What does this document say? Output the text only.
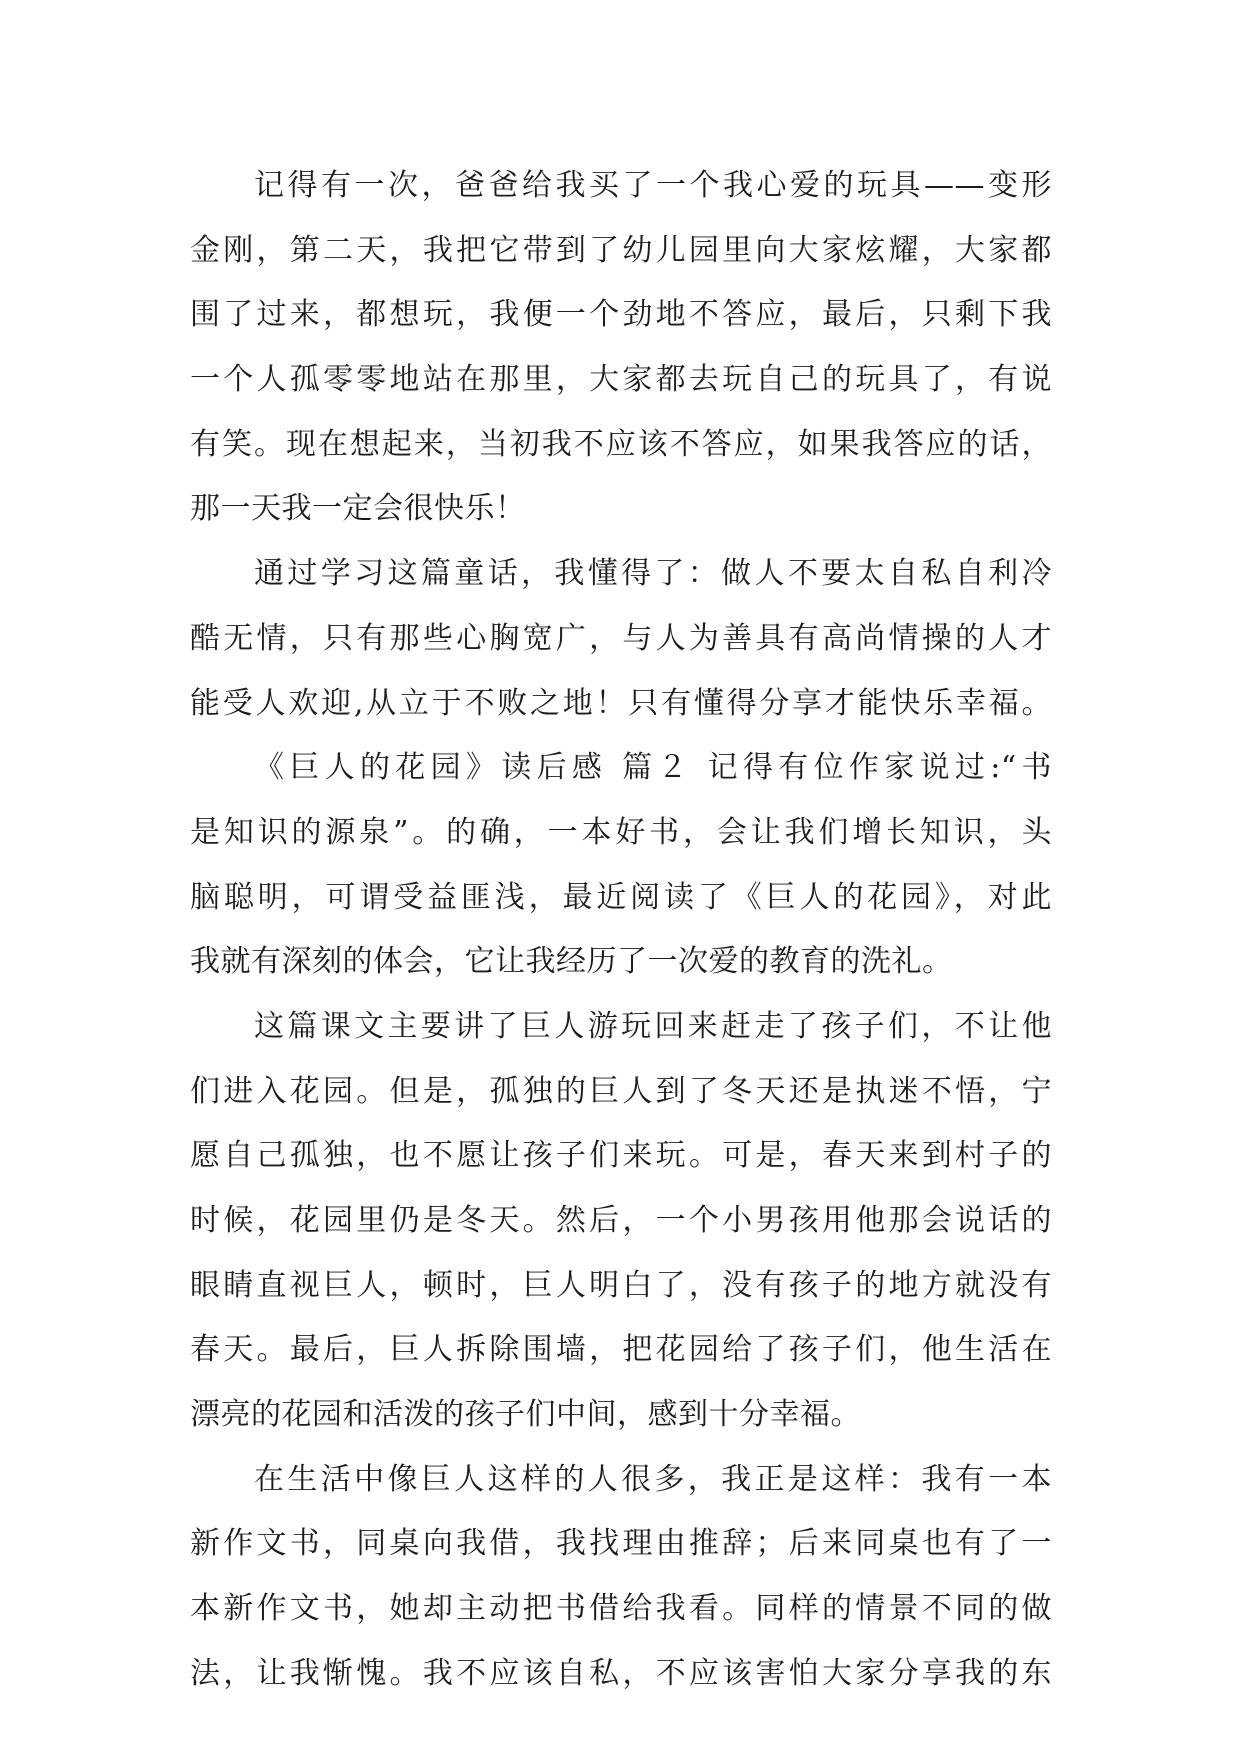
记得有一次，爸爸给我买了一个我心爱的玩具——变形
金刚，第二天，我把它带到了幼儿园里向大家炫耀，大家都
围了过来，都想玩，我便一个劲地不答应，最后，只剩下我
一个人孤零零地站在那里，大家都去玩自己的玩具了，有说
有笑。现在想起来，当初我不应该不答应，如果我答应的话，
那一天我一定会很快乐！
通过学习这篇童话，我懂得了：做人不要太自私自利冷
酷无情，只有那些心胸宽广，与人为善具有高尚情操的人才
能受人欢迎,从立于不败之地！只有懂得分享才能快乐幸福。
《巨人的花园》读后感 篇２ 记得有位作家说过:“书
是知识的源泉”。的确，一本好书，会让我们增长知识，头
脑聪明，可谓受益匪浅，最近阅读了《巨人的花园》，对此
我就有深刻的体会，它让我经历了一次爱的教育的洗礼。
这篇课文主要讲了巨人游玩回来赶走了孩子们，不让他
们进入花园。但是，孤独的巨人到了冬天还是执迷不悟，宁
愿自己孤独，也不愿让孩子们来玩。可是，春天来到村子的
时候，花园里仍是冬天。然后，一个小男孩用他那会说话的
眼睛直视巨人，顿时，巨人明白了，没有孩子的地方就没有
春天。最后，巨人拆除围墙，把花园给了孩子们，他生活在
漂亮的花园和活泼的孩子们中间，感到十分幸福。
在生活中像巨人这样的人很多，我正是这样：我有一本
新作文书，同桌向我借，我找理由推辞；后来同桌也有了一
本新作文书，她却主动把书借给我看。同样的情景不同的做
法，让我惭愧。我不应该自私，不应该害怕大家分享我的东
